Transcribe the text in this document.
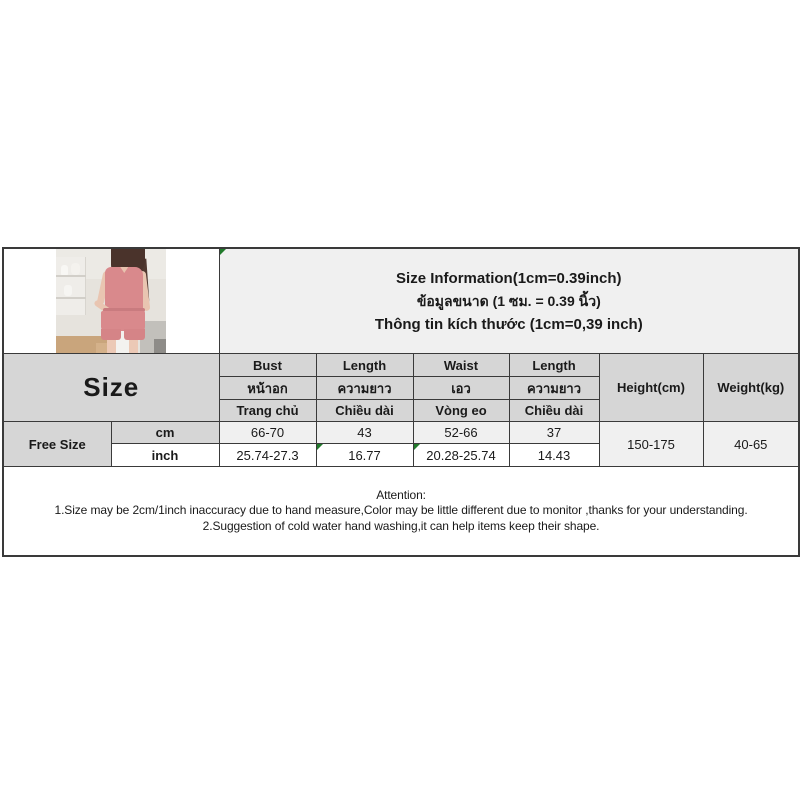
		Size Information(1cm=0.39inch)
ข้อมูลขนาด (1 ซม. = 0.39 นิ้ว)
Thông tin kích thước (1cm=0,39 inch)					

Size		Bust	Length	Waist	Length	Height(cm)	Weight(kg)
		หน้าอก	ความยาว	เอว	ความยาว		
		Trang chủ	Chiều dài	Vòng eo	Chiều dài		
Free Size	cm	66-70	43	52-66	37	150-175	40-65
	inch	25.74-27.3	16.77	20.28-25.74	14.43		

Attention:
1.Size may be 2cm/1inch inaccuracy due to hand measure,Color may be little different due to monitor ,thanks for your understanding.
2.Suggestion of cold water hand washing,it can help items keep their shape.							
